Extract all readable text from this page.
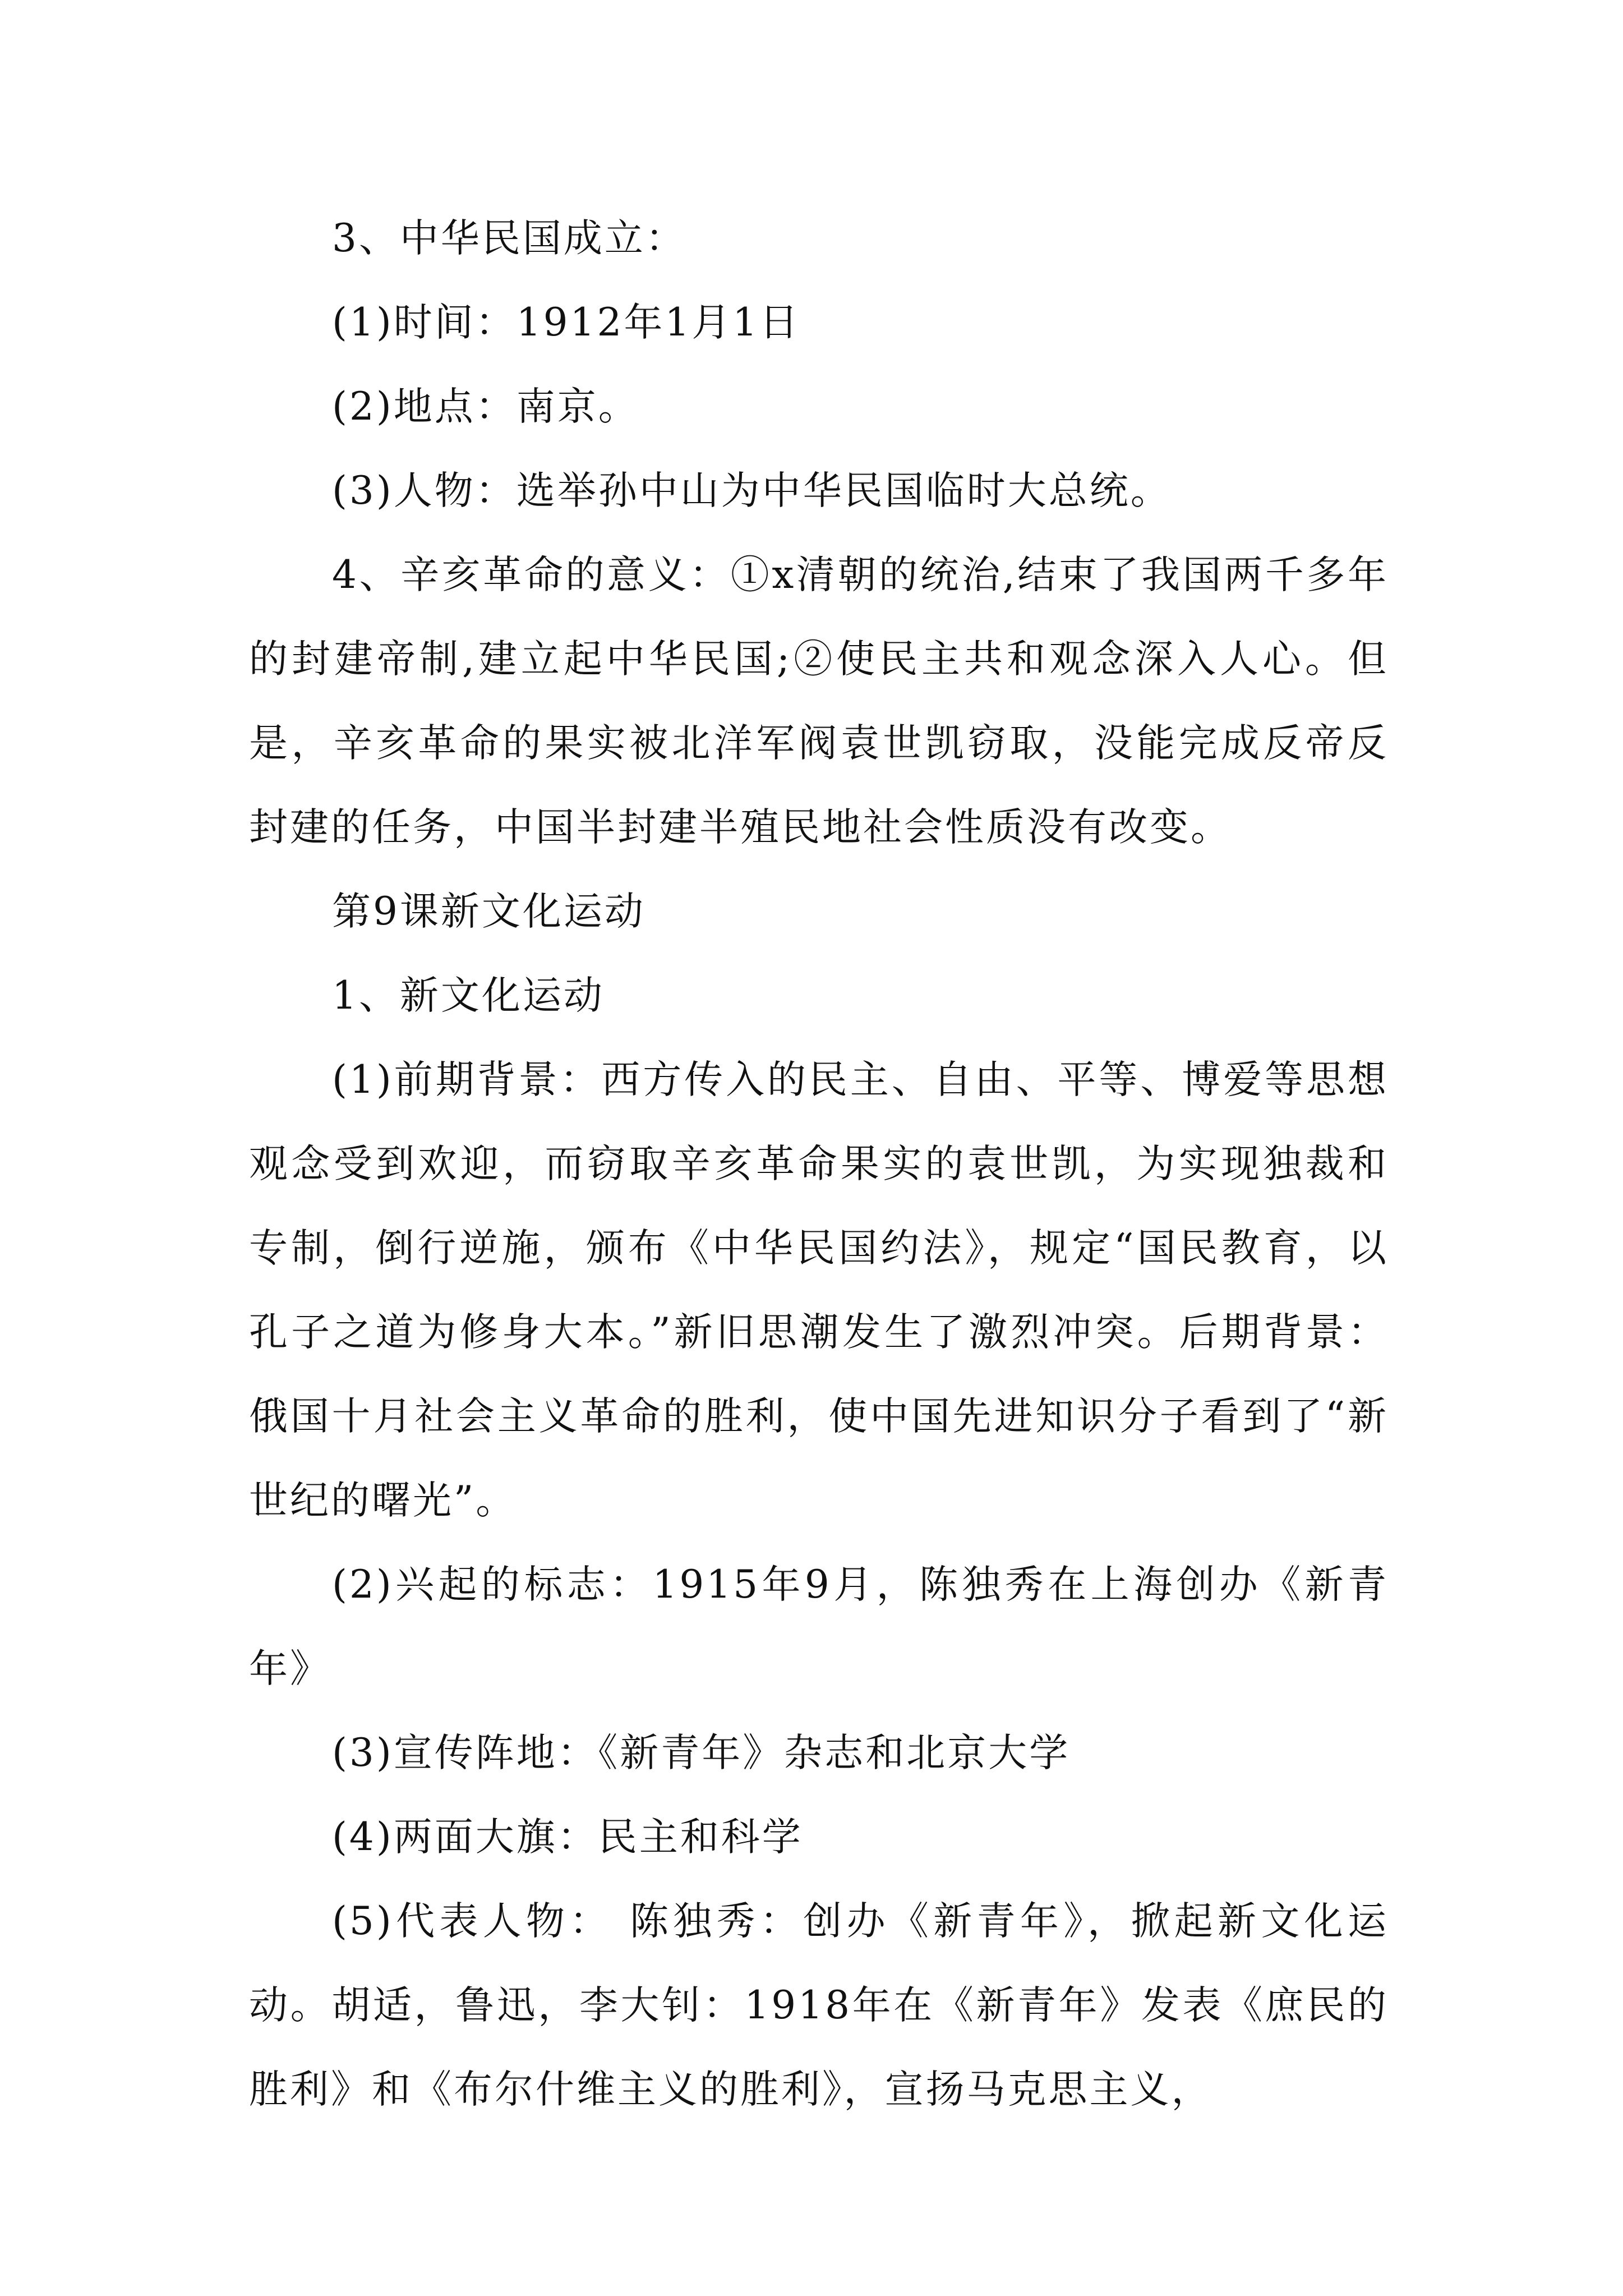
3、中华民国成立：

(1)时间：1912年1月1日

(2)地点：南京。

(3)人物：选举孙中山为中华民国临时大总统。

4、辛亥革命的意义：①x清朝的统治,结束了我国两千多年的封建帝制,建立起中华民国;②使民主共和观念深入人心。但是，辛亥革命的果实被北洋军阀袁世凯窃取，没能完成反帝反封建的任务，中国半封建半殖民地社会性质没有改变。

第9课新文化运动

1、新文化运动

(1)前期背景：西方传入的民主、自由、平等、博爱等思想观念受到欢迎，而窃取辛亥革命果实的袁世凯，为实现独裁和专制，倒行逆施，颁布《中华民国约法》，规定“国民教育，以孔子之道为修身大本。”新旧思潮发生了激烈冲突。后期背景：俄国十月社会主义革命的胜利，使中国先进知识分子看到了“新世纪的曙光”。

(2)兴起的标志：1915年9月，陈独秀在上海创办《新青年》

(3)宣传阵地：《新青年》杂志和北京大学

(4)两面大旗：民主和科学

(5)代表人物： 陈独秀：创办《新青年》，掀起新文化运动。胡适，鲁迅，李大钊：1918年在《新青年》发表《庶民的胜利》和《布尔什维主义的胜利》，宣扬马克思主义，
